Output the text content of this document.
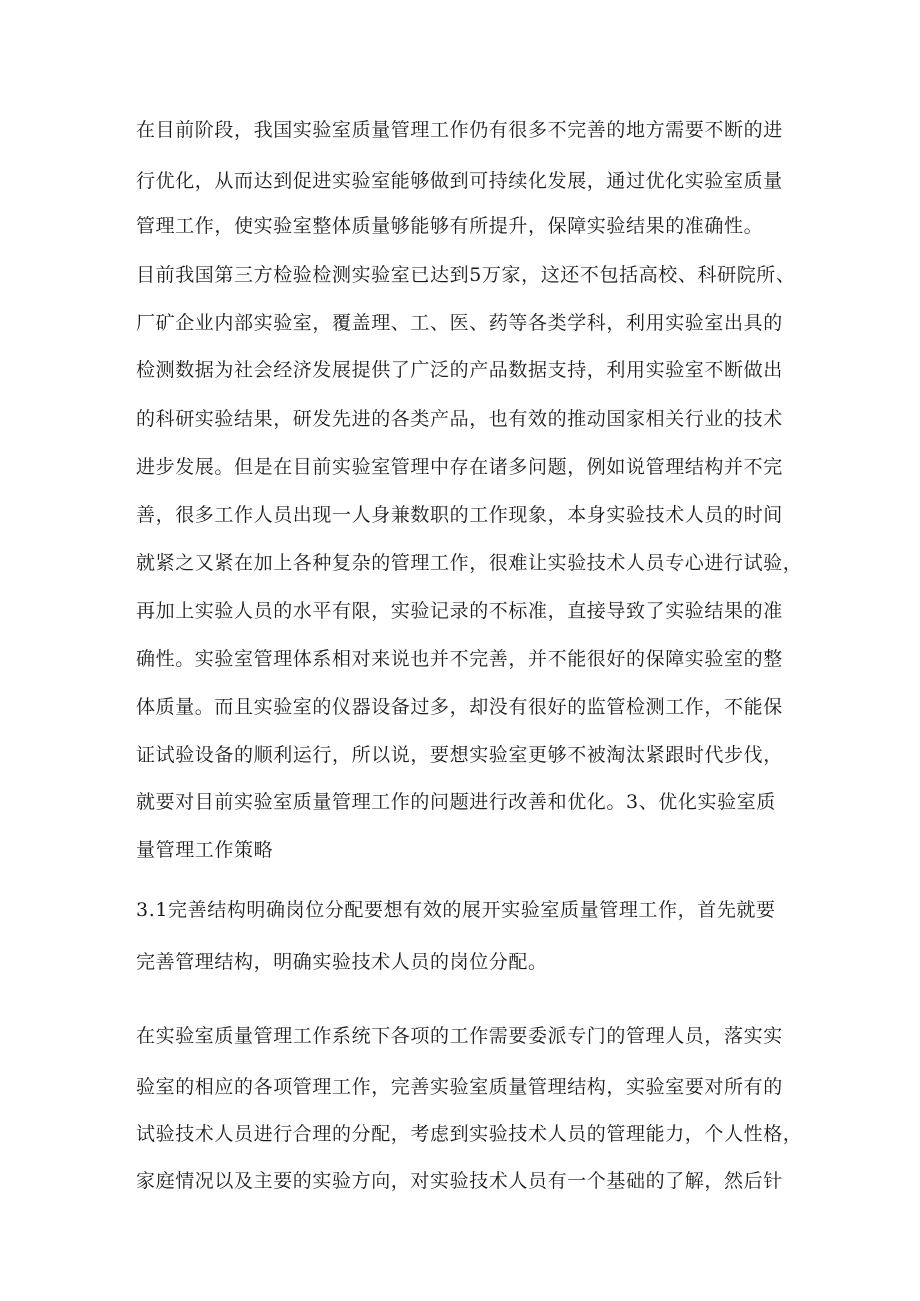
在目前阶段，我国实验室质量管理工作仍有很多不完善的地方需要不断的进
行优化，从而达到促进实验室能够做到可持续化发展，通过优化实验室质量
管理工作，使实验室整体质量够能够有所提升，保障实验结果的准确性。
目前我国第三方检验检测实验室已达到5万家，这还不包括高校、科研院所、
厂矿企业内部实验室，覆盖理、工、医、药等各类学科，利用实验室出具的
检测数据为社会经济发展提供了广泛的产品数据支持，利用实验室不断做出
的科研实验结果，研发先进的各类产品，也有效的推动国家相关行业的技术
进步发展。但是在目前实验室管理中存在诸多问题，例如说管理结构并不完
善，很多工作人员出现一人身兼数职的工作现象，本身实验技术人员的时间
就紧之又紧在加上各种复杂的管理工作，很难让实验技术人员专心进行试验，
再加上实验人员的水平有限，实验记录的不标准，直接导致了实验结果的准
确性。实验室管理体系相对来说也并不完善，并不能很好的保障实验室的整
体质量。而且实验室的仪器设备过多，却没有很好的监管检测工作，不能保
证试验设备的顺利运行，所以说，要想实验室更够不被淘汰紧跟时代步伐，
就要对目前实验室质量管理工作的问题进行改善和优化。3、优化实验室质
量管理工作策略
3.1完善结构明确岗位分配要想有效的展开实验室质量管理工作，首先就要
完善管理结构，明确实验技术人员的岗位分配。
在实验室质量管理工作系统下各项的工作需要委派专门的管理人员，落实实
验室的相应的各项管理工作，完善实验室质量管理结构，实验室要对所有的
试验技术人员进行合理的分配，考虑到实验技术人员的管理能力，个人性格，
家庭情况以及主要的实验方向，对实验技术人员有一个基础的了解，然后针
